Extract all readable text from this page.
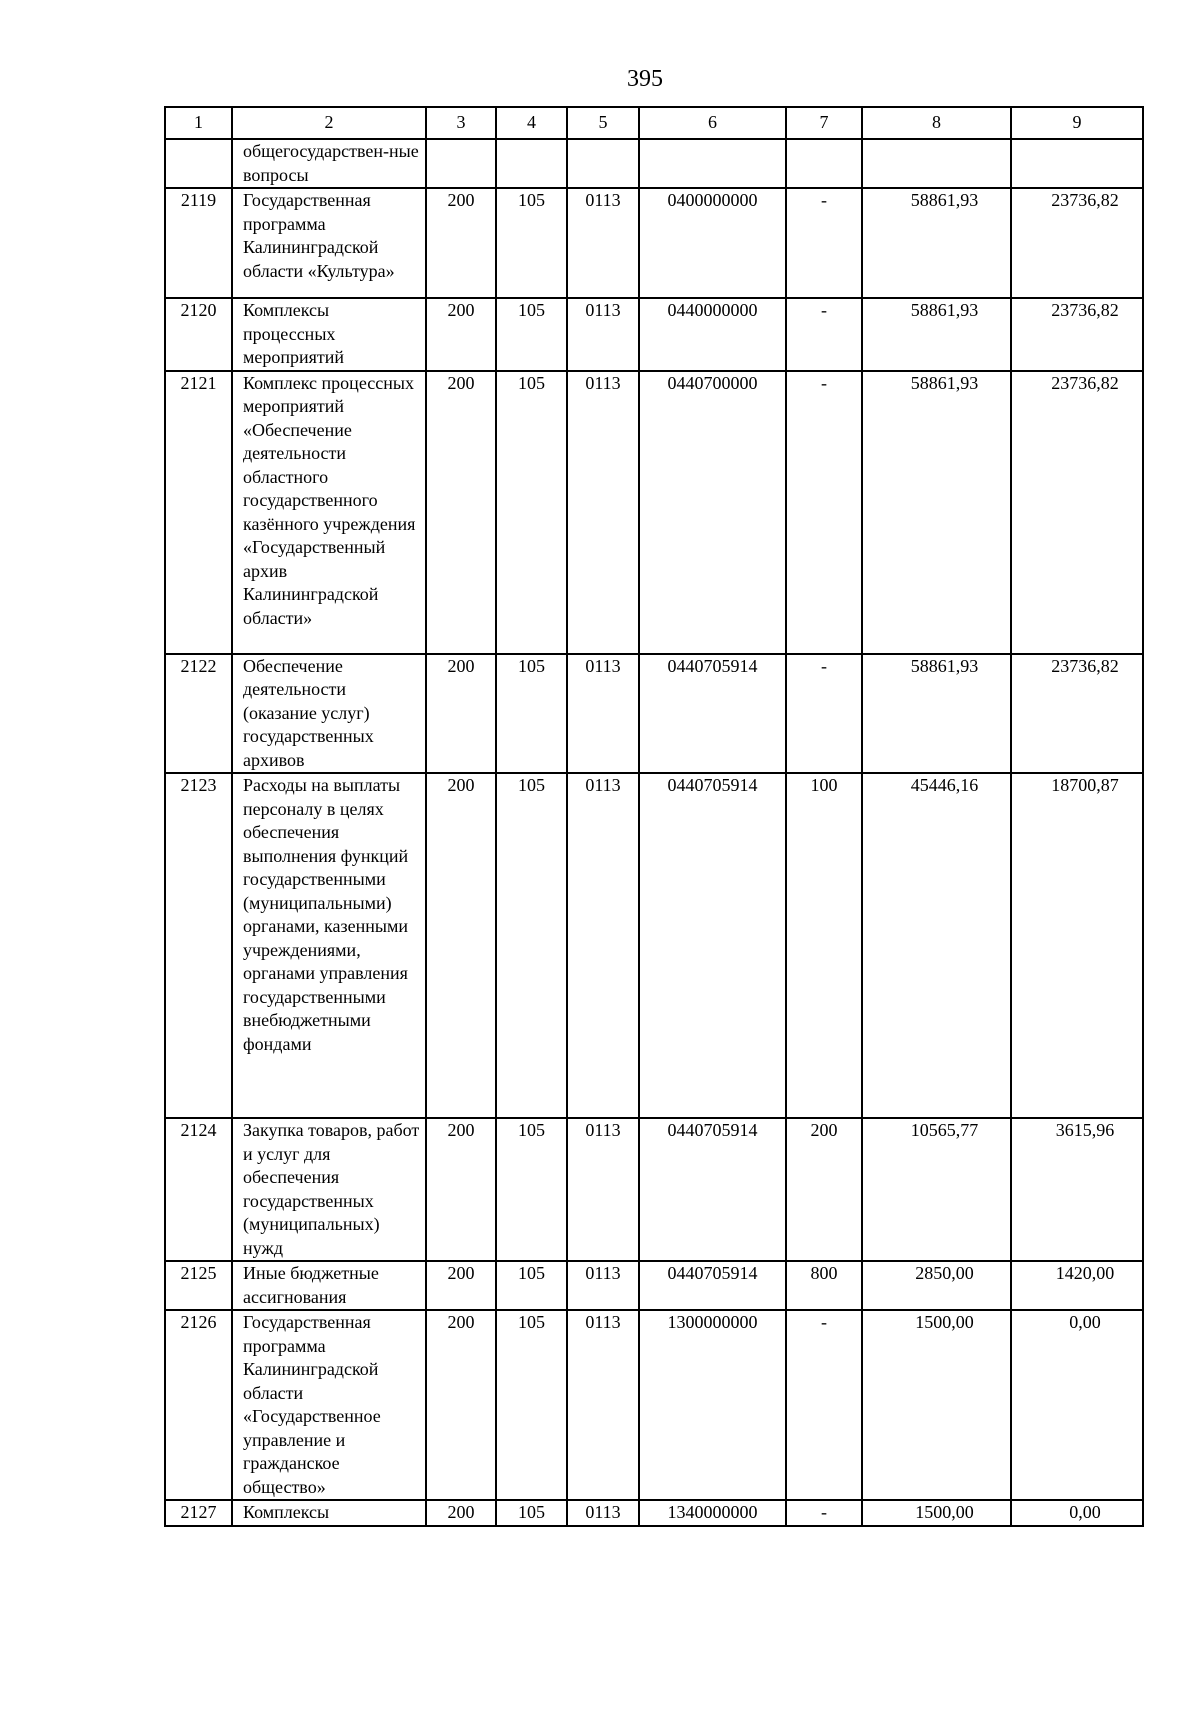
395
1	2	3	4	5	6	7	8	9
	общегосударствен-ные вопросы							
2119	Государственная программа Калининградской области «Культура»	200	105	0113	0400000000	-	58861,93	23736,82
2120	Комплексы процессных мероприятий	200	105	0113	0440000000	-	58861,93	23736,82
2121	Комплекс процессных мероприятий «Обеспечение деятельности областного государственного казённого учреждения «Государственный архив Калининградской области»	200	105	0113	0440700000	-	58861,93	23736,82
2122	Обеспечение деятельности (оказание услуг) государственных архивов	200	105	0113	0440705914	-	58861,93	23736,82
2123	Расходы на выплаты персоналу в целях обеспечения выполнения функций государственными (муниципальными) органами, казенными учреждениями, органами управления государственными внебюджетными фондами	200	105	0113	0440705914	100	45446,16	18700,87
2124	Закупка товаров, работ и услуг для обеспечения государственных (муниципальных) нужд	200	105	0113	0440705914	200	10565,77	3615,96
2125	Иные бюджетные ассигнования	200	105	0113	0440705914	800	2850,00	1420,00
2126	Государственная программа Калининградской области «Государственное управление и гражданское общество»	200	105	0113	1300000000	-	1500,00	0,00
2127	Комплексы	200	105	0113	1340000000	-	1500,00	0,00
